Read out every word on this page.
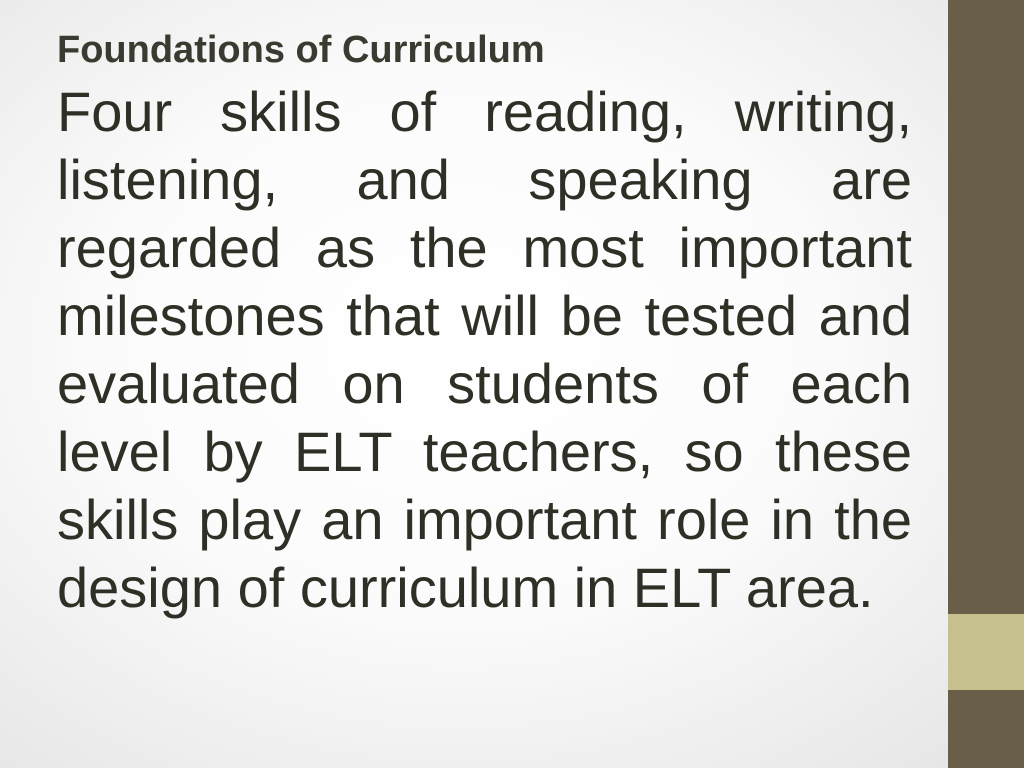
Foundations of Curriculum

Four skills of reading, writing, listening, and speaking are regarded as the most important milestones that will be tested and evaluated on students of each level by ELT teachers, so these skills play an important role in the design of curriculum in ELT area.
